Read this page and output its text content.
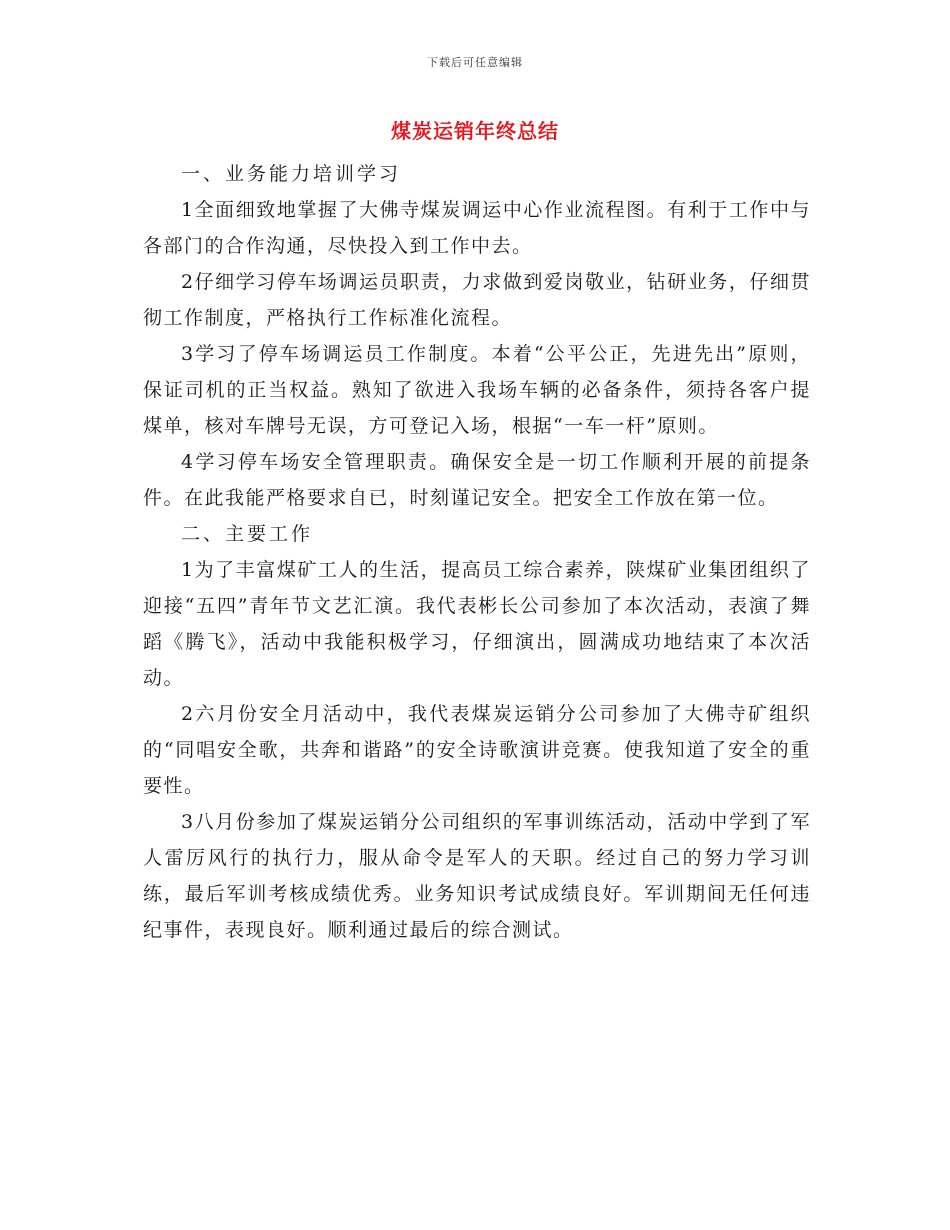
下载后可任意编辑
煤炭运销年终总结

一、业务能力培训学习

1全面细致地掌握了大佛寺煤炭调运中心作业流程图。有利于工作中与各部门的合作沟通，尽快投入到工作中去。

2仔细学习停车场调运员职责，力求做到爱岗敬业，钻研业务，仔细贯彻工作制度，严格执行工作标准化流程。

3学习了停车场调运员工作制度。本着“公平公正，先进先出”原则，保证司机的正当权益。熟知了欲进入我场车辆的必备条件，须持各客户提煤单，核对车牌号无误，方可登记入场，根据“一车一杆”原则。

4学习停车场安全管理职责。确保安全是一切工作顺利开展的前提条件。在此我能严格要求自已，时刻谨记安全。把安全工作放在第一位。

二、主要工作

1为了丰富煤矿工人的生活，提高员工综合素养，陕煤矿业集团组织了迎接“五四”青年节文艺汇演。我代表彬长公司参加了本次活动，表演了舞蹈《腾飞》，活动中我能积极学习，仔细演出，圆满成功地结束了本次活动。

2六月份安全月活动中，我代表煤炭运销分公司参加了大佛寺矿组织的“同唱安全歌，共奔和谐路”的安全诗歌演讲竞赛。使我知道了安全的重要性。

3八月份参加了煤炭运销分公司组织的军事训练活动，活动中学到了军人雷厉风行的执行力，服从命令是军人的天职。经过自己的努力学习训练，最后军训考核成绩优秀。业务知识考试成绩良好。军训期间无任何违纪事件，表现良好。顺利通过最后的综合测试。
